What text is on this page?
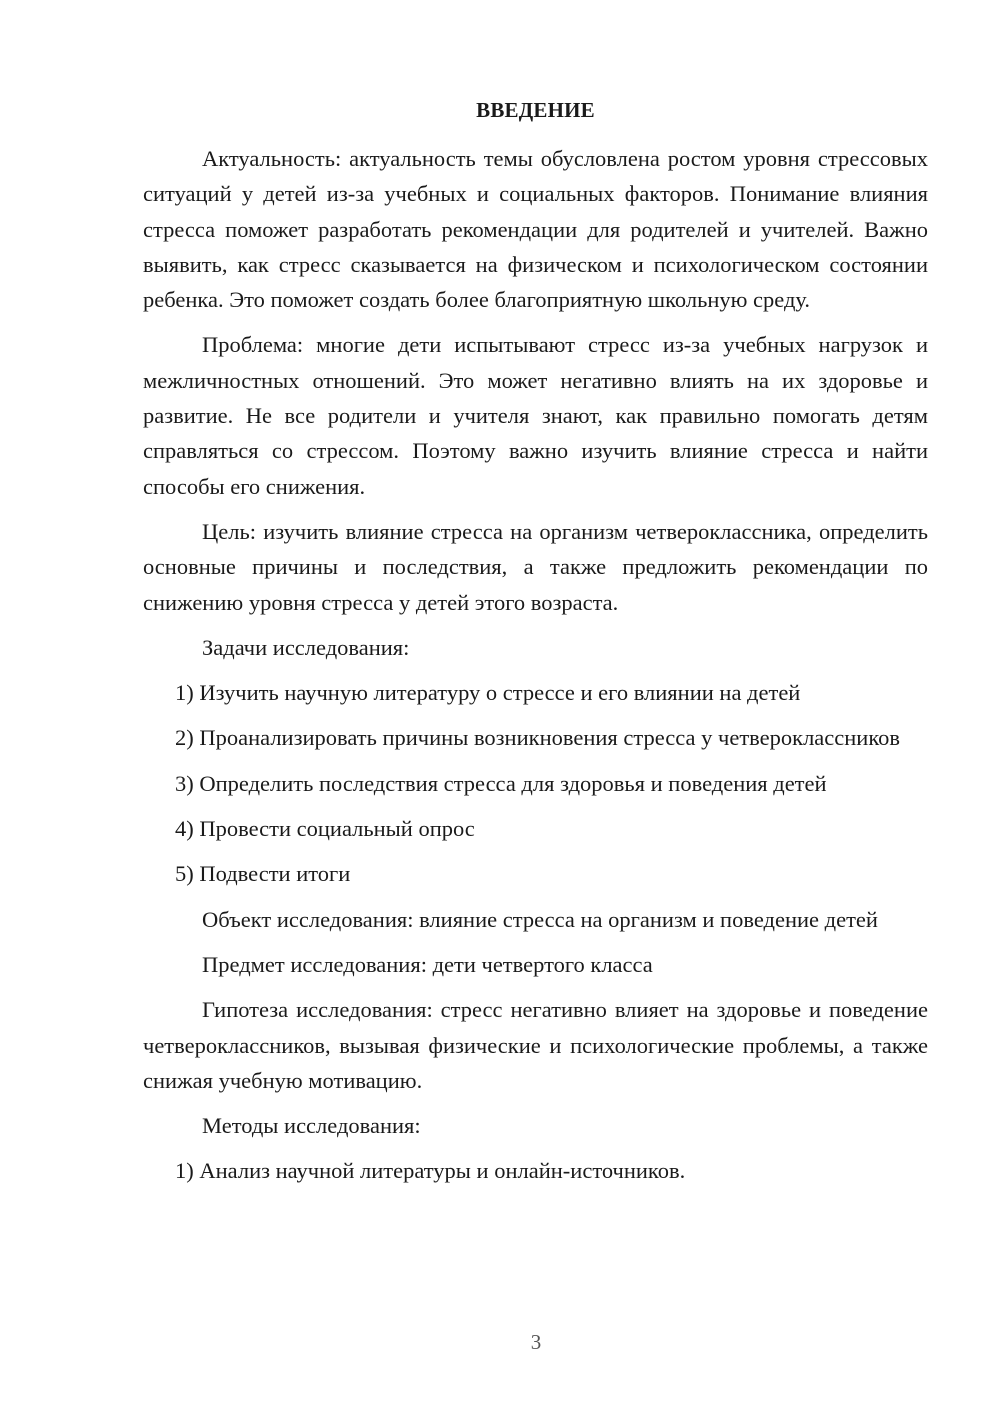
ВВЕДЕНИЕ

Актуальность: актуальность темы обусловлена ростом уровня стрессовых ситуаций у детей из-за учебных и социальных факторов. Понимание влияния стресса поможет разработать рекомендации для родителей и учителей. Важно выявить, как стресс сказывается на физическом и психологическом состоянии ребенка. Это поможет создать более благоприятную школьную среду.

Проблема: многие дети испытывают стресс из-за учебных нагрузок и межличностных отношений. Это может негативно влиять на их здоровье и развитие. Не все родители и учителя знают, как правильно помогать детям справляться со стрессом. Поэтому важно изучить влияние стресса и найти способы его снижения.

Цель: изучить влияние стресса на организм четвероклассника, определить основные причины и последствия, а также предложить рекомендации по снижению уровня стресса у детей этого возраста.

Задачи исследования:

1) Изучить научную литературу о стрессе и его влиянии на детей

2) Проанализировать причины возникновения стресса у четвероклассников

3) Определить последствия стресса для здоровья и поведения детей

4) Провести социальный опрос

5) Подвести итоги

Объект исследования: влияние стресса на организм и поведение детей

Предмет исследования: дети четвертого класса

Гипотеза исследования: стресс негативно влияет на здоровье и поведение четвероклассников, вызывая физические и психологические проблемы, а также снижая учебную мотивацию.

Методы исследования:

1) Анализ научной литературы и онлайн-источников.

3
